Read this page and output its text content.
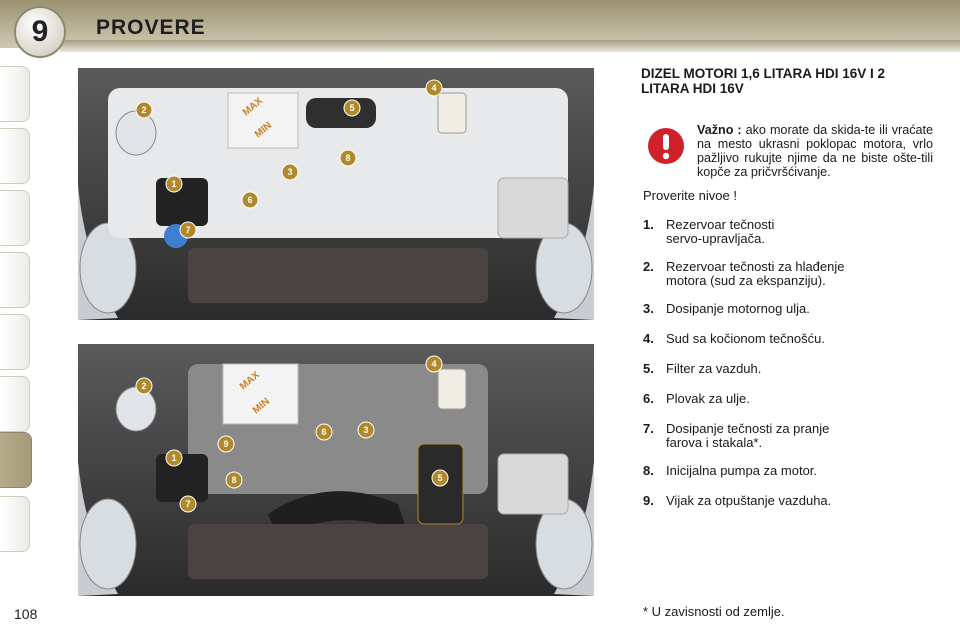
9 PROVERE
108
MAX
MIN
1
2
3
4
5
6
7
8
MAX
MIN
1
2
3
4
5
6
7
8
9
DIZEL MOTORI 1,6 LITARA HDI 16V I 2 LITARA HDI 16V
Važno : ako morate da skida-te ili vraćate na mesto ukrasni poklopac motora, vrlo pažljivo rukujte njime da ne biste ošte-tili kopče za pričvršćivanje.
Proverite nivoe !
1. Rezervoar tečnosti
servo-upravljača.
2. Rezervoar tečnosti za hlađenje
motora (sud za ekspanziju).
3. Dosipanje motornog ulja.
4. Sud sa kočionom tečnošću.
5. Filter za vazduh.
6. Plovak za ulje.
7. Dosipanje tečnosti za pranje
farova i stakala*.
8. Inicijalna pumpa za motor.
9. Vijak za otpuštanje vazduha.
* U zavisnosti od zemlje.
